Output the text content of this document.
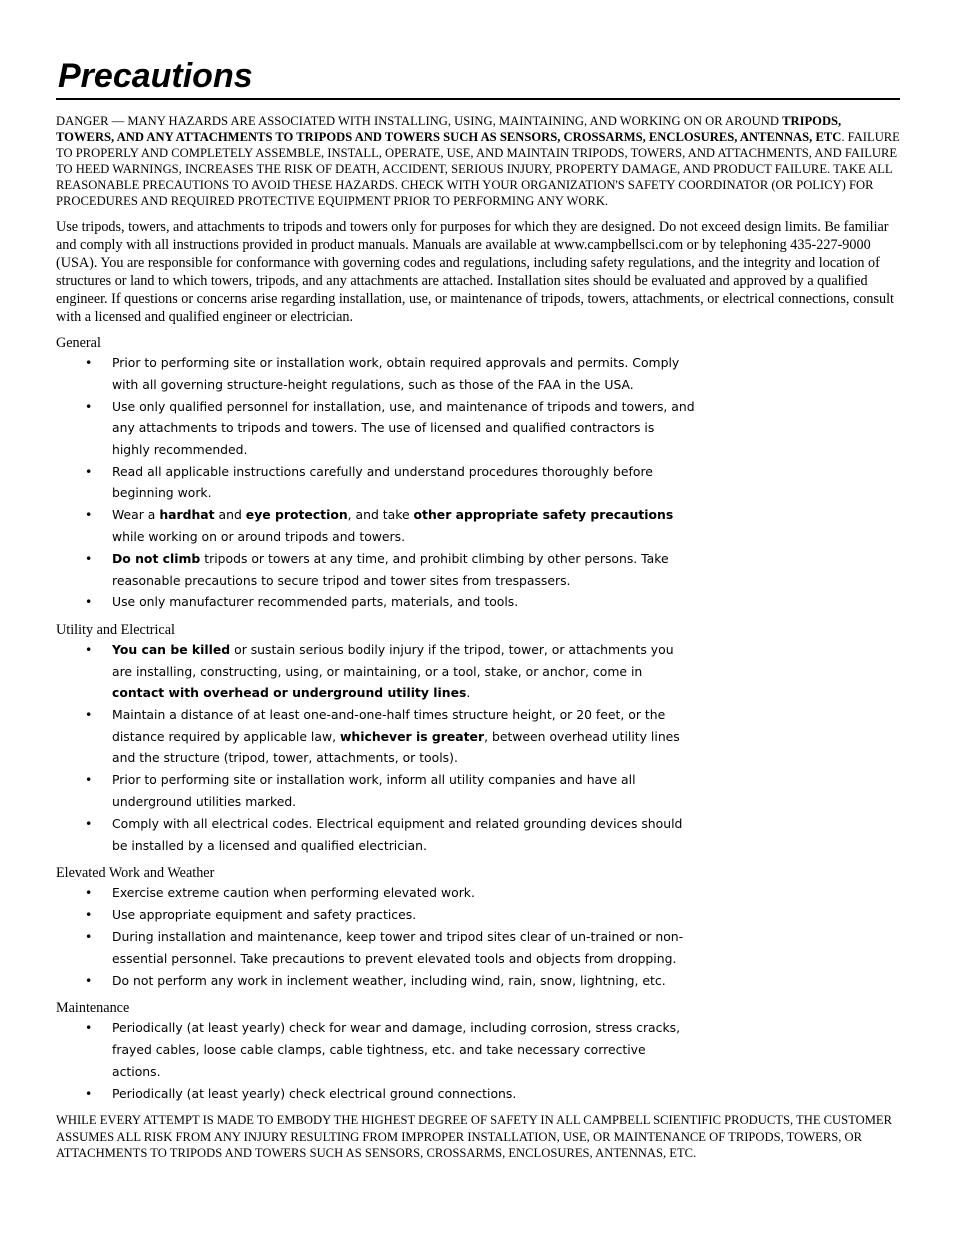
Precautions

DANGER — MANY HAZARDS ARE ASSOCIATED WITH INSTALLING, USING, MAINTAINING, AND WORKING ON OR AROUND TRIPODS, TOWERS, AND ANY ATTACHMENTS TO TRIPODS AND TOWERS SUCH AS SENSORS, CROSSARMS, ENCLOSURES, ANTENNAS, ETC. FAILURE TO PROPERLY AND COMPLETELY ASSEMBLE, INSTALL, OPERATE, USE, AND MAINTAIN TRIPODS, TOWERS, AND ATTACHMENTS, AND FAILURE TO HEED WARNINGS, INCREASES THE RISK OF DEATH, ACCIDENT, SERIOUS INJURY, PROPERTY DAMAGE, AND PRODUCT FAILURE. TAKE ALL REASONABLE PRECAUTIONS TO AVOID THESE HAZARDS. CHECK WITH YOUR ORGANIZATION'S SAFETY COORDINATOR (OR POLICY) FOR PROCEDURES AND REQUIRED PROTECTIVE EQUIPMENT PRIOR TO PERFORMING ANY WORK.

Use tripods, towers, and attachments to tripods and towers only for purposes for which they are designed. Do not exceed design limits. Be familiar and comply with all instructions provided in product manuals. Manuals are available at www.campbellsci.com or by telephoning 435-227-9000 (USA). You are responsible for conformance with governing codes and regulations, including safety regulations, and the integrity and location of structures or land to which towers, tripods, and any attachments are attached. Installation sites should be evaluated and approved by a qualified engineer. If questions or concerns arise regarding installation, use, or maintenance of tripods, towers, attachments, or electrical connections, consult with a licensed and qualified engineer or electrician.

General
• Prior to performing site or installation work, obtain required approvals and permits. Comply with all governing structure-height regulations, such as those of the FAA in the USA.
• Use only qualified personnel for installation, use, and maintenance of tripods and towers, and any attachments to tripods and towers. The use of licensed and qualified contractors is highly recommended.
• Read all applicable instructions carefully and understand procedures thoroughly before beginning work.
• Wear a hardhat and eye protection, and take other appropriate safety precautions while working on or around tripods and towers.
• Do not climb tripods or towers at any time, and prohibit climbing by other persons. Take reasonable precautions to secure tripod and tower sites from trespassers.
• Use only manufacturer recommended parts, materials, and tools.
Utility and Electrical
• You can be killed or sustain serious bodily injury if the tripod, tower, or attachments you are installing, constructing, using, or maintaining, or a tool, stake, or anchor, come in contact with overhead or underground utility lines.
• Maintain a distance of at least one-and-one-half times structure height, or 20 feet, or the distance required by applicable law, whichever is greater, between overhead utility lines and the structure (tripod, tower, attachments, or tools).
• Prior to performing site or installation work, inform all utility companies and have all underground utilities marked.
• Comply with all electrical codes. Electrical equipment and related grounding devices should be installed by a licensed and qualified electrician.
Elevated Work and Weather
• Exercise extreme caution when performing elevated work.
• Use appropriate equipment and safety practices.
• During installation and maintenance, keep tower and tripod sites clear of un-trained or non-essential personnel. Take precautions to prevent elevated tools and objects from dropping.
• Do not perform any work in inclement weather, including wind, rain, snow, lightning, etc.
Maintenance
• Periodically (at least yearly) check for wear and damage, including corrosion, stress cracks, frayed cables, loose cable clamps, cable tightness, etc. and take necessary corrective actions.
• Periodically (at least yearly) check electrical ground connections.

WHILE EVERY ATTEMPT IS MADE TO EMBODY THE HIGHEST DEGREE OF SAFETY IN ALL CAMPBELL SCIENTIFIC PRODUCTS, THE CUSTOMER ASSUMES ALL RISK FROM ANY INJURY RESULTING FROM IMPROPER INSTALLATION, USE, OR MAINTENANCE OF TRIPODS, TOWERS, OR ATTACHMENTS TO TRIPODS AND TOWERS SUCH AS SENSORS, CROSSARMS, ENCLOSURES, ANTENNAS, ETC.
